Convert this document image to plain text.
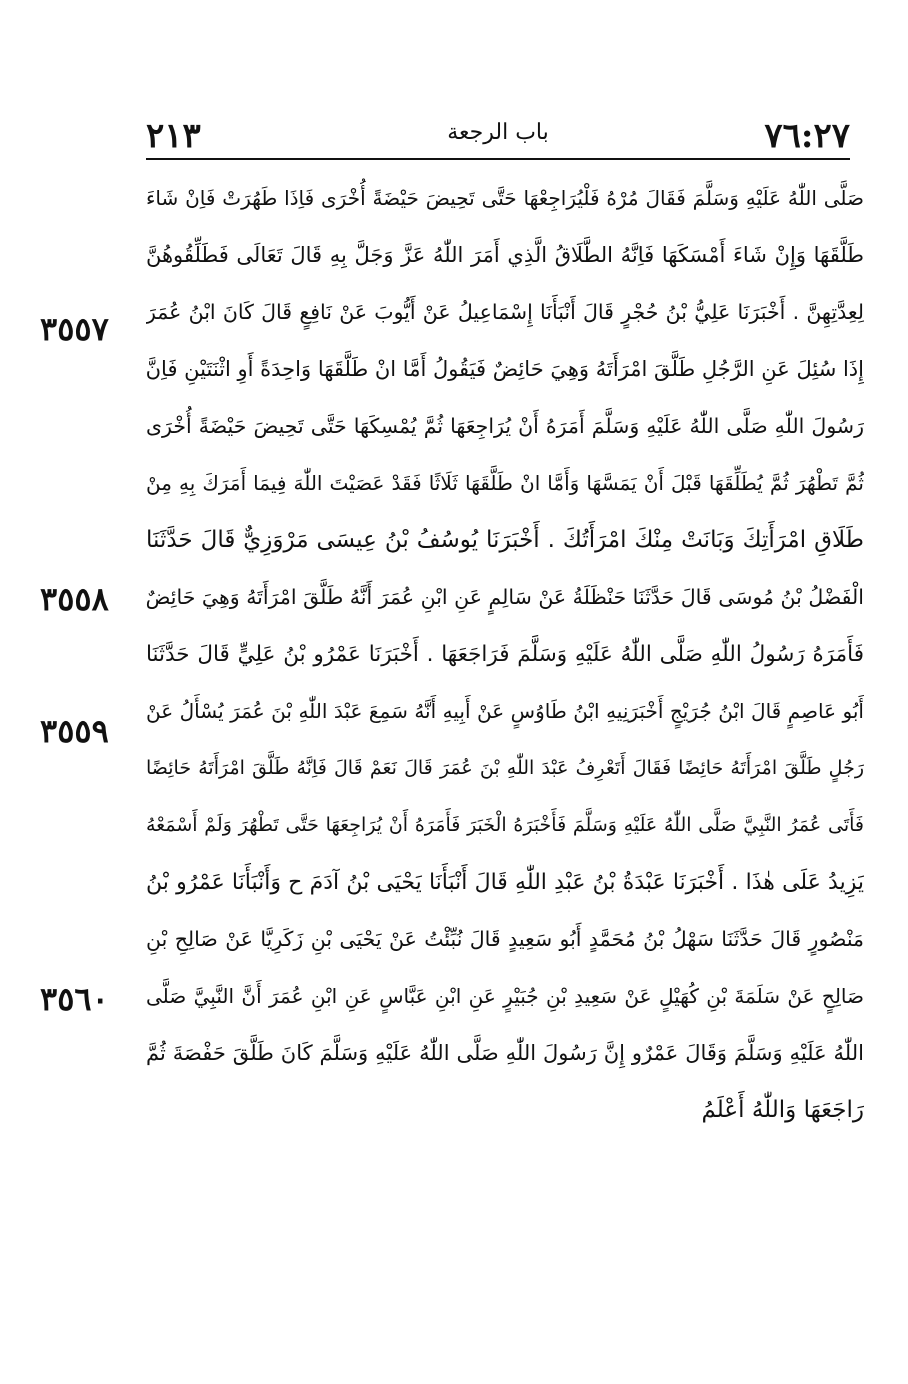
٢١٣	باب الرجعة	٧٦:٢٧
صَلَّى اللّٰهُ عَلَيْهِ وَسَلَّمَ فَقَالَ مُرْهُ فَلْيُرَاجِعْهَا حَتَّى تَحِيضَ حَيْضَةً أُخْرَى فَاِذَا طَهُرَتْ فَاِنْ شَاءَ
طَلَّقَهَا وَإِنْ شَاءَ أَمْسَكَهَا فَاِنَّهُ الطَّلَاقُ الَّذِي أَمَرَ اللّٰهُ عَزَّ وَجَلَّ بِهِ قَالَ تَعَالَى فَطَلِّقُوهُنَّ
لِعِدَّتِهِنَّ . أَخْبَرَنَا عَلِيُّ بْنُ حُجْرٍ قَالَ أَنْبَأَنَا إِسْمَاعِيلُ عَنْ أَيُّوبَ عَنْ نَافِعٍ قَالَ كَانَ ابْنُ عُمَرَ
إِذَا سُئِلَ عَنِ الرَّجُلِ طَلَّقَ امْرَأَتَهُ وَهِيَ حَائِضٌ فَيَقُولُ أَمَّا انْ طَلَّقَهَا وَاحِدَةً أَوِ اثْنَتَيْنِ فَاِنَّ
رَسُولَ اللّٰهِ صَلَّى اللّٰهُ عَلَيْهِ وَسَلَّمَ أَمَرَهُ أَنْ يُرَاجِعَهَا ثُمَّ يُمْسِكَهَا حَتَّى تَحِيضَ حَيْضَةً أُخْرَى
ثُمَّ تَطْهُرَ ثُمَّ يُطَلِّقَهَا قَبْلَ أَنْ يَمَسَّهَا وَأَمَّا انْ طَلَّقَهَا ثَلَاثًا فَقَدْ عَصَيْتَ اللّٰهَ فِيمَا أَمَرَكَ بِهِ مِنْ
طَلَاقِ امْرَأَتِكَ وَبَانَتْ مِنْكَ امْرَأَتُكَ . أَخْبَرَنَا يُوسُفُ بْنُ عِيسَى مَرْوَزِيٌّ قَالَ حَدَّثَنَا
الْفَضْلُ بْنُ مُوسَى قَالَ حَدَّثَنَا حَنْظَلَةُ عَنْ سَالِمٍ عَنِ ابْنِ عُمَرَ أَنَّهُ طَلَّقَ امْرَأَتَهُ وَهِيَ حَائِضٌ
فَأَمَرَهُ رَسُولُ اللّٰهِ صَلَّى اللّٰهُ عَلَيْهِ وَسَلَّمَ فَرَاجَعَهَا . أَخْبَرَنَا عَمْرُو بْنُ عَلِيٍّ قَالَ حَدَّثَنَا
أَبُو عَاصِمٍ قَالَ ابْنُ جُرَيْجٍ أَخْبَرَنِيهِ ابْنُ طَاوُسٍ عَنْ أَبِيهِ أَنَّهُ سَمِعَ عَبْدَ اللّٰهِ بْنَ عُمَرَ يُسْأَلُ عَنْ
رَجُلٍ طَلَّقَ امْرَأَتَهُ حَائِضًا فَقَالَ أَتَعْرِفُ عَبْدَ اللّٰهِ بْنَ عُمَرَ قَالَ نَعَمْ قَالَ فَاِنَّهُ طَلَّقَ امْرَأَتَهُ حَائِضًا
فَأَتَى عُمَرُ النَّبِيَّ صَلَّى اللّٰهُ عَلَيْهِ وَسَلَّمَ فَأَخْبَرَهُ الْخَبَرَ فَأَمَرَهُ أَنْ يُرَاجِعَهَا حَتَّى تَطْهُرَ وَلَمْ أَسْمَعْهُ
يَزِيدُ عَلَى هٰذَا . أَخْبَرَنَا عَبْدَةُ بْنُ عَبْدِ اللّٰهِ قَالَ أَنْبَأَنَا يَحْيَى بْنُ آدَمَ ح وَأَنْبَأَنَا عَمْرُو بْنُ
مَنْصُورٍ قَالَ حَدَّثَنَا سَهْلُ بْنُ مُحَمَّدٍ أَبُو سَعِيدٍ قَالَ نُبِّئْتُ عَنْ يَحْيَى بْنِ زَكَرِيَّا عَنْ صَالِحِ بْنِ
صَالِحٍ عَنْ سَلَمَةَ بْنِ كُهَيْلٍ عَنْ سَعِيدِ بْنِ جُبَيْرٍ عَنِ ابْنِ عَبَّاسٍ عَنِ ابْنِ عُمَرَ أَنَّ النَّبِيَّ صَلَّى
اللّٰهُ عَلَيْهِ وَسَلَّمَ وَقَالَ عَمْرٌو إِنَّ رَسُولَ اللّٰهِ صَلَّى اللّٰهُ عَلَيْهِ وَسَلَّمَ كَانَ طَلَّقَ حَفْصَةَ ثُمَّ
رَاجَعَهَا وَاللّٰهُ أَعْلَمُ
٣٥٥٧
٣٥٥٨
٣٥٥٩
٣٥٦٠
